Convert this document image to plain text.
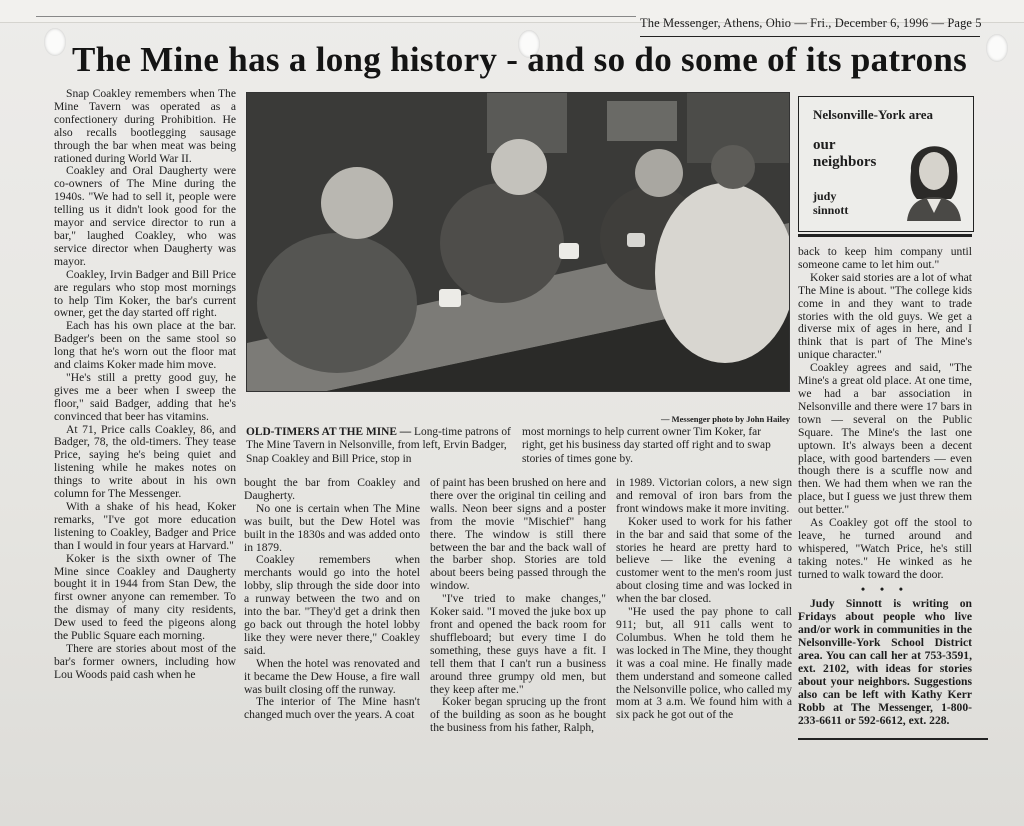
The Messenger, Athens, Ohio — Fri., December 6, 1996 — Page 5
The Mine has a long history - and so do some of its patrons

Snap Coakley remembers when The Mine Tavern was operated as a confectionery during Prohibition. He also recalls bootlegging sausage through the bar when meat was being rationed during World War II.

Coakley and Oral Daugherty were co-owners of The Mine during the 1940s. "We had to sell it, people were telling us it didn't look good for the mayor and service director to run a bar," laughed Coakley, who was service director when Daugherty was mayor.

Coakley, Irvin Badger and Bill Price are regulars who stop most mornings to help Tim Koker, the bar's current owner, get the day started off right.

Each has his own place at the bar. Badger's been on the same stool so long that he's worn out the floor mat and claims Koker made him move.

"He's still a pretty good guy, he gives me a beer when I sweep the floor," said Badger, adding that he's convinced that beer has vitamins.

At 71, Price calls Coakley, 86, and Badger, 78, the old-timers. They tease Price, saying he's being quiet and listening while he makes notes on things to write about in his own column for The Messenger.

With a shake of his head, Koker remarks, "I've got more education listening to Coakley, Badger and Price than I would in four years at Harvard."

Koker is the sixth owner of The Mine since Coakley and Daugherty bought it in 1944 from Stan Dew, the first owner anyone can remember. To the dismay of many city residents, Dew used to feed the pigeons along the Public Square each morning.

There are stories about most of the bar's former owners, including how Lou Woods paid cash when he

— Messenger photo by John Hailey
OLD-TIMERS AT THE MINE — Long-time patrons of The Mine Tavern in Nelsonville, from left, Ervin Badger, Snap Coakley and Bill Price, stop in
most mornings to help current owner Tim Koker, far right, get his business day started off right and to swap stories of times gone by.

bought the bar from Coakley and Daugherty.

No one is certain when The Mine was built, but the Dew Hotel was built in the 1830s and was added onto in 1879.

Coakley remembers when merchants would go into the hotel lobby, slip through the side door into a runway between the two and on into the bar. "They'd get a drink then go back out through the hotel lobby like they were never there," Coakley said.

When the hotel was renovated and it became the Dew House, a fire wall was built closing off the runway.

The interior of The Mine hasn't changed much over the years. A coat

of paint has been brushed on here and there over the original tin ceiling and walls. Neon beer signs and a poster from the movie "Mischief" hang there. The window is still there between the bar and the back wall of the barber shop. Stories are told about beers being passed through the window.

"I've tried to make changes," Koker said. "I moved the juke box up front and opened the back room for shuffleboard; but every time I do something, these guys have a fit. I tell them that I can't run a business around three grumpy old men, but they keep after me."

Koker began sprucing up the front of the building as soon as he bought the business from his father, Ralph,

in 1989. Victorian colors, a new sign and removal of iron bars from the front windows make it more inviting.

Koker used to work for his father in the bar and said that some of the stories he heard are pretty hard to believe — like the evening a customer went to the men's room just about closing time and was locked in when the bar closed.

"He used the pay phone to call 911; but, all 911 calls went to Columbus. When he told them he was locked in The Mine, they thought it was a coal mine. He finally made them understand and someone called the Nelsonville police, who called my mom at 3 a.m. We found him with a six pack he got out of the

Nelsonville-York area
our
neighbors
judy
sinnott

back to keep him company until someone came to let him out."

Koker said stories are a lot of what The Mine is about. "The college kids come in and they want to trade stories with the old guys. We get a diverse mix of ages in here, and I think that is part of The Mine's unique character."

Coakley agrees and said, "The Mine's a great old place. At one time, we had a bar association in Nelsonville and there were 17 bars in town — several on the Public Square. The Mine's the last one uptown. It's always been a decent place, with good bartenders — even though there is a scuffle now and then. We had them when we ran the place, but I guess we just threw them out better."

As Coakley got off the stool to leave, he turned around and whispered, "Watch Price, he's still taking notes." He winked as he turned to walk toward the door.

• • •

Judy Sinnott is writing on Fridays about people who live and/or work in communities in the Nelsonville-York School District area. You can call her at 753-3591, ext. 2102, with ideas for stories about your neighbors. Suggestions also can be left with Kathy Kerr Robb at The Messenger, 1-800-233-6611 or 592-6612, ext. 228.
